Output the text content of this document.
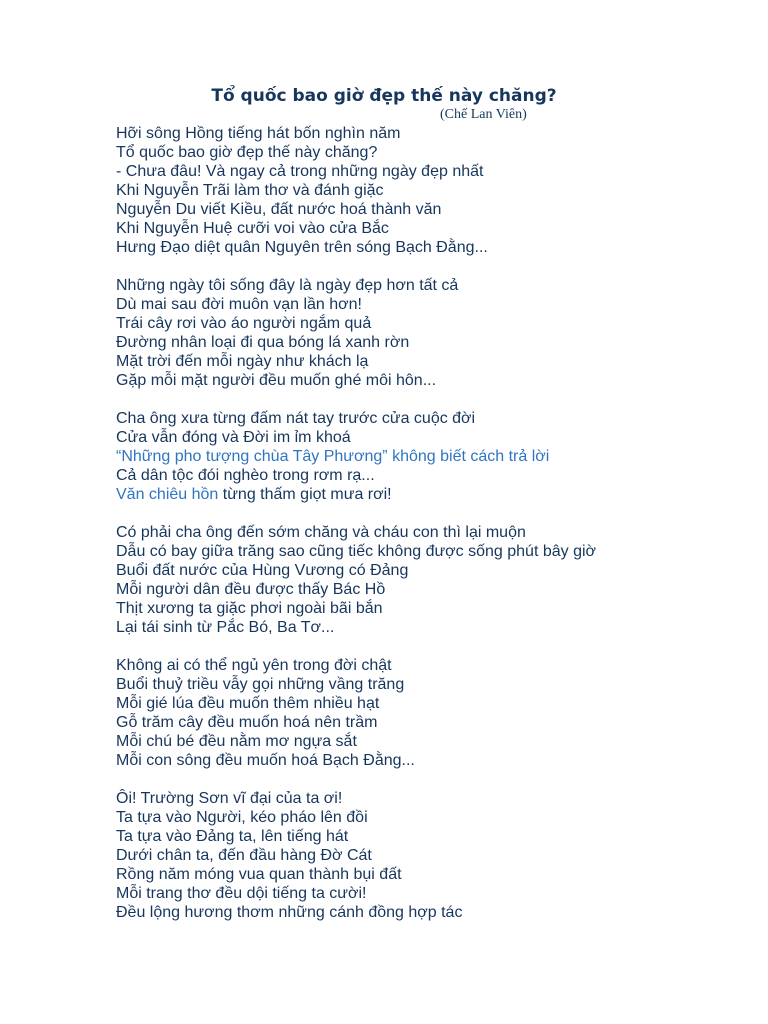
Tổ quốc bao giờ đẹp thế này chăng?
(Chế Lan Viên)
Hỡi sông Hồng tiếng hát bốn nghìn năm
Tổ quốc bao giờ đẹp thế này chăng?
- Chưa đâu! Và ngay cả trong những ngày đẹp nhất
Khi Nguyễn Trãi làm thơ và đánh giặc
Nguyễn Du viết Kiều, đất nước hoá thành văn
Khi Nguyễn Huệ cưỡi voi vào cửa Bắc
Hưng Đạo diệt quân Nguyên trên sóng Bạch Đằng...
Những ngày tôi sống đây là ngày đẹp hơn tất cả
Dù mai sau đời muôn vạn lần hơn!
Trái cây rơi vào áo người ngắm quả
Đường nhân loại đi qua bóng lá xanh rờn
Mặt trời đến mỗi ngày như khách lạ
Gặp mỗi mặt người đều muốn ghé môi hôn...
Cha ông xưa từng đấm nát tay trước cửa cuộc đời
Cửa vẫn đóng và Đời im ỉm khoá
“Những pho tượng chùa Tây Phương” không biết cách trả lời
Cả dân tộc đói nghèo trong rơm rạ...
Văn chiêu hồn từng thấm giọt mưa rơi!
Có phải cha ông đến sớm chăng và cháu con thì lại muộn
Dẫu có bay giữa trăng sao cũng tiếc không được sống phút bây giờ
Buổi đất nước của Hùng Vương có Đảng
Mỗi người dân đều được thấy Bác Hồ
Thịt xương ta giặc phơi ngoài bãi bắn
Lại tái sinh từ Pắc Bó, Ba Tơ...
Không ai có thể ngủ yên trong đời chật
Buổi thuỷ triều vẫy gọi những vầng trăng
Mỗi gié lúa đều muốn thêm nhiều hạt
Gỗ trăm cây đều muốn hoá nên trầm
Mỗi chú bé đều nằm mơ ngựa sắt
Mỗi con sông đều muốn hoá Bạch Đằng...
Ôi! Trường Sơn vĩ đại của ta ơi!
Ta tựa vào Người, kéo pháo lên đồi
Ta tựa vào Đảng ta, lên tiếng hát
Dưới chân ta, đến đầu hàng Đờ Cát
Rồng năm móng vua quan thành bụi đất
Mỗi trang thơ đều dội tiếng ta cười!
Đều lộng hương thơm những cánh đồng hợp tác
